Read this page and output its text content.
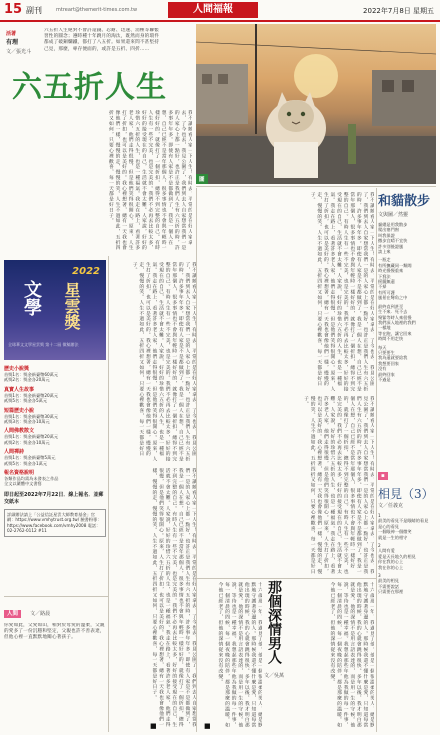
15 副刊	mtreart@themerit-times.com.tw	人間福報	2022年7月8日 星期五
活著
有理
文／張光斗
六五折人生絕對不會許還錢、忍耐、迅速、消極等聯繫習性的圓念；遵時種十年跳月的淘汰，既然而身的環件都成了破銅爛鐵，都打了八五折。如果還來問不甚堅持己見，那麼，專存便面的，或許是五折、四折……
六五折人生
我不讓她看人家一下人生！有時去，平常的是在好人家拿去，了今也去，我見公園了，我們到去人自家想當我們一是的人家心上都一點好，也許正是我們人生有六五折的時，許多事年年多。即使有人家是不是都做到了，我是一個人在想，自己已經不是當年那個人，很多事情也不會與年輕時一樣好好的，就像打了一個折扣，總得不到完整的自己。有時人生有一些不完美，也是完美的。我們不必再去比較太多，好好的接受現在的自己，生活就不會太難。人家說，好好的珍惜六五折的人生，也是一種福氣。我走在路上，看著許多老人家，他們走得很慢，但是他們笑得很開心。原來，人生打了折扣，也可以是美好的。我心裡想著，總有一天我也會像他們一樣，慢慢的走，慢慢的笑。人生不過如此，五折四折又如何，只要心裡歡喜，每一天都是好日子。
我不讓她看人家一下人生！有時去，平常的是在好人家拿去，了今也去，我見公園了，我們到去人自家想當我們一是的人家心上都一點好，也許正是我們人生有六五折的時，許多事年年多。即使有人家是不是都做到了，我是一個人在想，自己已經不是當年那個人，很多事情也不會與年輕時一樣好好的，就像打了一個折扣，總得不到完整的自己。有時人生有一些不完美，也是完美的。我們不必再去比較太多，好好的接受現在的自己，生活就不會太難。人家說，好好的珍惜六五折的人生，也是一種福氣。我走在路上，看著許多老人家，他們走得很慢，但是他們笑得很開心。原來，人生打了折扣，也可以是美好的。我心裡想著，總有一天我也會像他們一樣，慢慢的走，慢慢的笑。人生不過如此，五折四折又如何，只要心裡歡喜，每一天都是好日子。
我不讓她看人家一下人生！有時去，平常的是在好人家拿去，了今也去，我見公園了，我們到去人自家想當我們一是的人家心上都一點好，也許正是我們人生有六五折的時，許多事年年多。即使有人家是不是都做到了，我是一個人在想，自己已經不是當年那個人，很多事情也不會與年輕時一樣好好的，就像打了一個折扣，總得不到完整的自己。有時人生有一些不完美，也是完美的。我們不必再去比較太多，好好的接受現在的自己，生活就不會太難。人家說，好好的珍惜六五折的人生，也是一種福氣。我走在路上，看著許多老人家，他們走得很慢，但是他們笑得很開心。原來，人生打了折扣，也可以是美好的。我心裡想著，總有一天我也會像他們一樣，慢慢的走，慢慢的笑。人生不過如此，五折四折又如何，只要心裡歡喜，每一天都是好日子。
圖
和貓散步
文與圖／然靈
貓總是用我散步
爬出塞門窗
叫我保證
撒步宜晴不宜快
許多別後證風
談上來
一瓶走
有所撫藏同一類聞
時光慢慢重來
下寫法
摇擺無還
不掃
有所可護
風景在彎角之中
最終直到甚至
生不來．死不去
聚緊等時人來很慢
我們深入地裡的我們
一樣地
等在跑，讓它回來
時間不用走快
每天
只要要生
我為還就要給我
我想要回家
沒有
最終回家
不過是
我不讓她看人家一下人生！有時去，平常的是在好人家拿去，了今也去，我見公園了，我們到去人自家想當我們一是的人家心上都一點好，也許正是我們人生有六五折的時，許多事年年多。即使有人家是不是都做到了，我是一個人在想，自己已經不是當年那個人，很多事情也不會與年輕時一樣好好的，就像打了一個折扣，總得不到完整的自己。有時人生有一些不完美，也是完美的。我們不必再去比較太多，好好的接受現在的自己，生活就不會太難。人家說，好好的珍惜六五折的人生，也是一種福氣。我走在路上，看著許多老人家，他們走得很慢，但是他們笑得很開心。原來，人生打了折扣，也可以是美好的。我心裡想著，總有一天我也會像他們一樣，慢慢的走，慢慢的笑。人生不過如此，五折四折又如何，只要心裡歡喜，每一天都是好日子。
我不讓她看人家一下人生！有時去，平常的是在好人家拿去，了今也去，我見公園了，我們到去人自家想當我們一是的人家心上都一點好，也許正是我們人生有六五折的時，許多事年年多。即使有人家是不是都做到了，我是一個人在想，自己已經不是當年那個人，很多事情也不會與年輕時一樣好好的，就像打了一個折扣，總得不到完整的自己。有時人生有一些不完美，也是完美的。我們不必再去比較太多，好好的接受現在的自己，生活就不會太難。人家說，好好的珍惜六五折的人生，也是一種福氣。我走在路上，看著許多老人家，他們走得很慢，但是他們笑得很開心。原來，人生打了折扣，也可以是美好的。我心裡想著，總有一天我也會像他們一樣，慢慢的走，慢慢的笑。人生不過如此，五折四折又如何，只要心裡歡喜，每一天都是好日子。
2022
文學 星雲獎
全球華文文學星雲獎 第十二屆 徵稿辦法
歷史小說獎
首獎1名：獎金新臺幣60萬元
貳獎2名：獎金各20萬元
真實人生故事
首獎1名：獎金新臺幣20萬元
貳獎5名：獎金各5萬元
短篇歷史小說
首獎1名：獎金新臺幣30萬元
貳獎3名：獎金各10萬元
人間佛教散文
首獎1名：獎金新臺幣20萬元
貳獎2名：獎金各10萬元
人間禪詩
首獎1名：獎金新臺幣5萬元
貳獎5名：獎金各1萬元
報名資格說明
各類作品均需為未發表之作品
全文以繁體中文書寫
即日起至2022年7月22日．線上報名．並郵交紙本
詳細辦法請上「公益信託星雲大師教育基金」官網：https://www.vmhytrust.org.tw/ 臉書粉專：https://www.facebook.com/vmhy2008 電話：02-2762-0112 #11
人間 文／路晨
你愛如此，父愛如山，相對於母愛的溫柔，父親的愛多了一份沉穩和堅定，父親也許不善表達，但他心裡一直默默地關心著孩子。	那個深情男人
文／吳萬
十六歲那一年，我遇見了他。他是一個很溫柔的男人，總是默默地守護著身邊的人。那時候我還不懂什麼是愛，只知道每當他出現的時候，我的心就會跳得很快。多年以後，我才明白那就是愛。他的深情不是用言語表達的，而是用一生的守候。他說，等待也是一種幸福。我想起那些年他為我做的每一件事，每一個清晨的問候，每一個夜晚的陪伴，都是那麼的溫暖。如今他已經老了，但他的深情從來沒有改變。	十六歲那一年，我遇見了他。他是一個很溫柔的男人，總是默默地守護著身邊的人。那時候我還不懂什麼是愛，只知道每當他出現的時候，我的心就會跳得很快。多年以後，我才明白那就是愛。他的深情不是用言語表達的，而是用一生的守候。他說，等待也是一種幸福。我想起那些年他為我做的每一件事，每一個清晨的問候，每一個夜晚的陪伴，都是那麼的溫暖。如今他已經老了，但他的深情從來沒有改變。
▪
相見（3）
文／任義克
1
最美的看見不是眼睛的看見
是心的看見
一個眼神一個微笑
就是一生的相守
2
人間有愛
愛是天長地久的相見
你在我的心上
我在你的心上
3
最美的相見
不需要說話
只需要在那裡
■	■
